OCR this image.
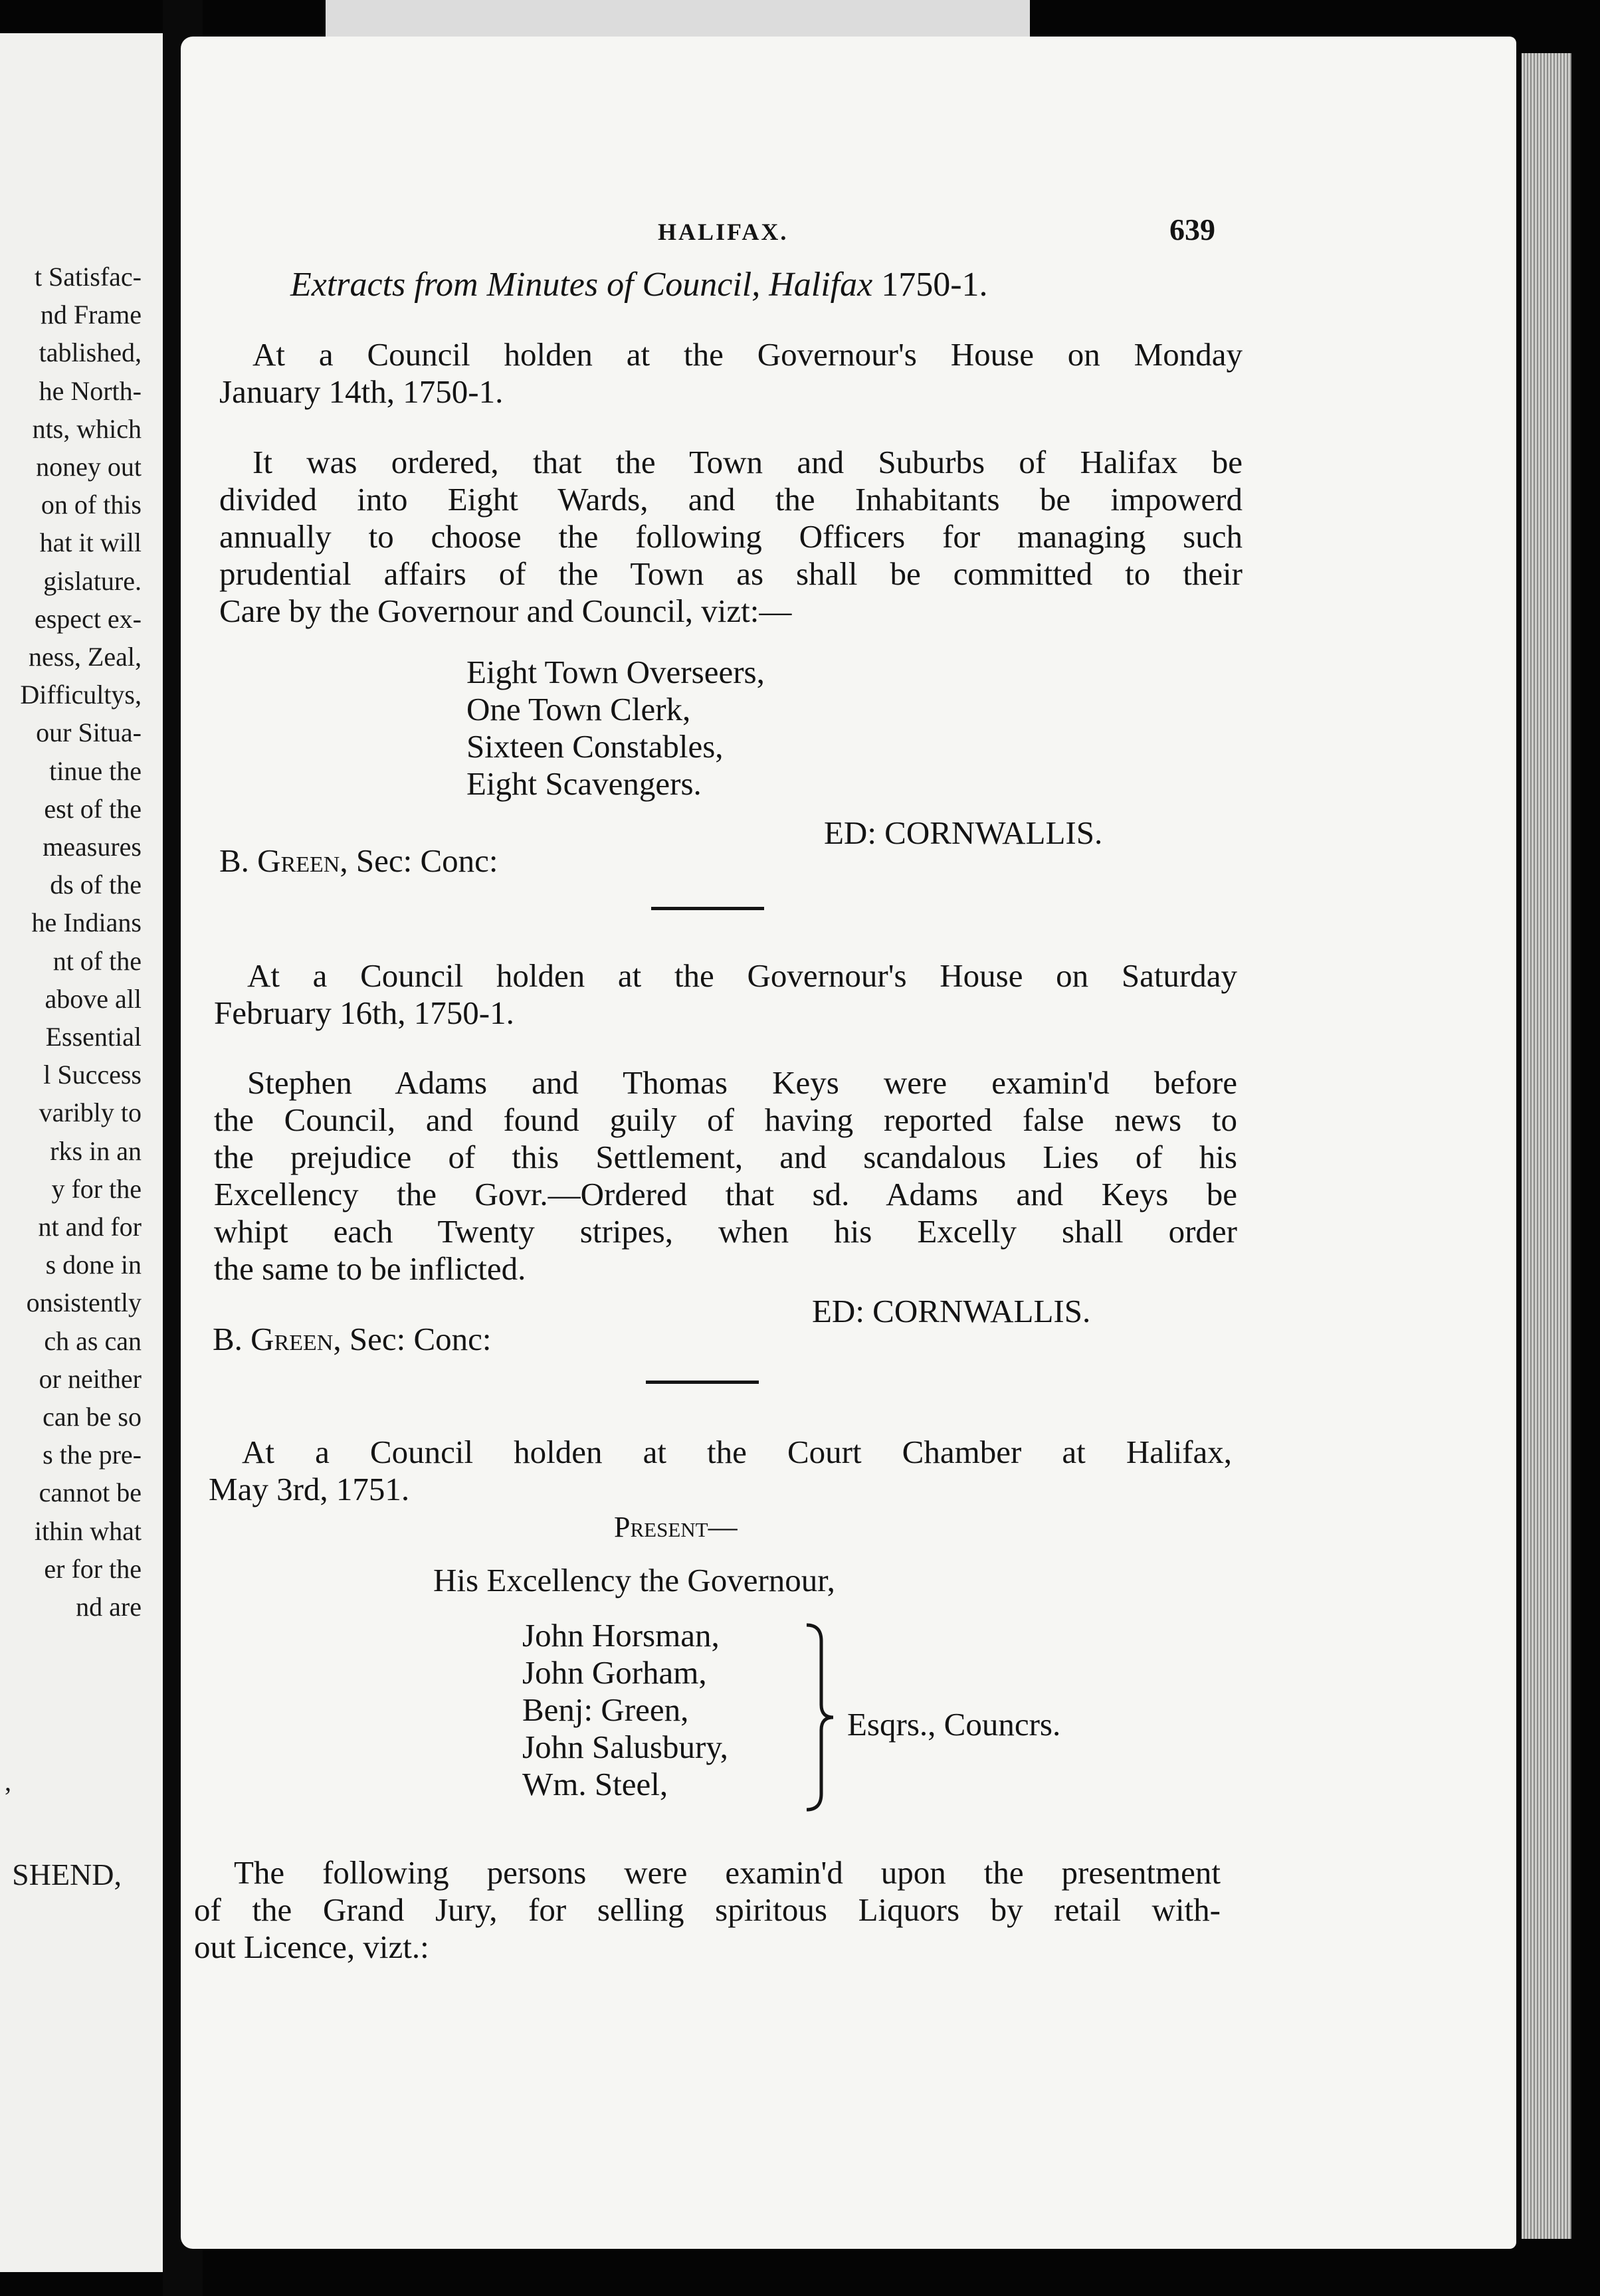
t Satisfac-
nd Frame
tablished,
he North-
nts, which
noney out
on of this
hat it will
gislature.
espect ex-
ness, Zeal,
Difficultys,
our Situa-
tinue the
est of the
measures
ds of the
he Indians
nt of the
above all
Essential
l Success
varibly to
rks in an
y for the
nt and for
s done in
onsistently
ch as can
or neither
can be so
s the pre-
cannot be
ithin what
er for the
nd are
,
SHEND,
HALIFAX.	639
Extracts from Minutes of Council, Halifax 1750-1.
At a Council holden at the Governour's House on Monday
January 14th, 1750-1.
It was ordered, that the Town and Suburbs of Halifax be
divided into Eight Wards, and the Inhabitants be impowerd
annually to choose the following Officers for managing such
prudential affairs of the Town as shall be committed to their
Care by the Governour and Council, vizt:—
Eight Town Overseers,
One Town Clerk,
Sixteen Constables,
Eight Scavengers.
ED: CORNWALLIS.
B. Green, Sec: Conc:
At a Council holden at the Governour's House on Saturday
February 16th, 1750-1.
Stephen Adams and Thomas Keys were examin'd before
the Council, and found guily of having reported false news to
the prejudice of this Settlement, and scandalous Lies of his
Excellency the Govr.—Ordered that sd. Adams and Keys be
whipt each Twenty stripes, when his Excelly shall order
the same to be inflicted.
ED: CORNWALLIS.
B. Green, Sec: Conc:
At a Council holden at the Court Chamber at Halifax,
May 3rd, 1751.
Present—
His Excellency the Governour,
John Horsman,
John Gorham,
Benj: Green,
John Salusbury,
Wm. Steel,
Esqrs., Councrs.
The following persons were examin'd upon the presentment
of the Grand Jury, for selling spiritous Liquors by retail with-
out Licence, vizt.:
